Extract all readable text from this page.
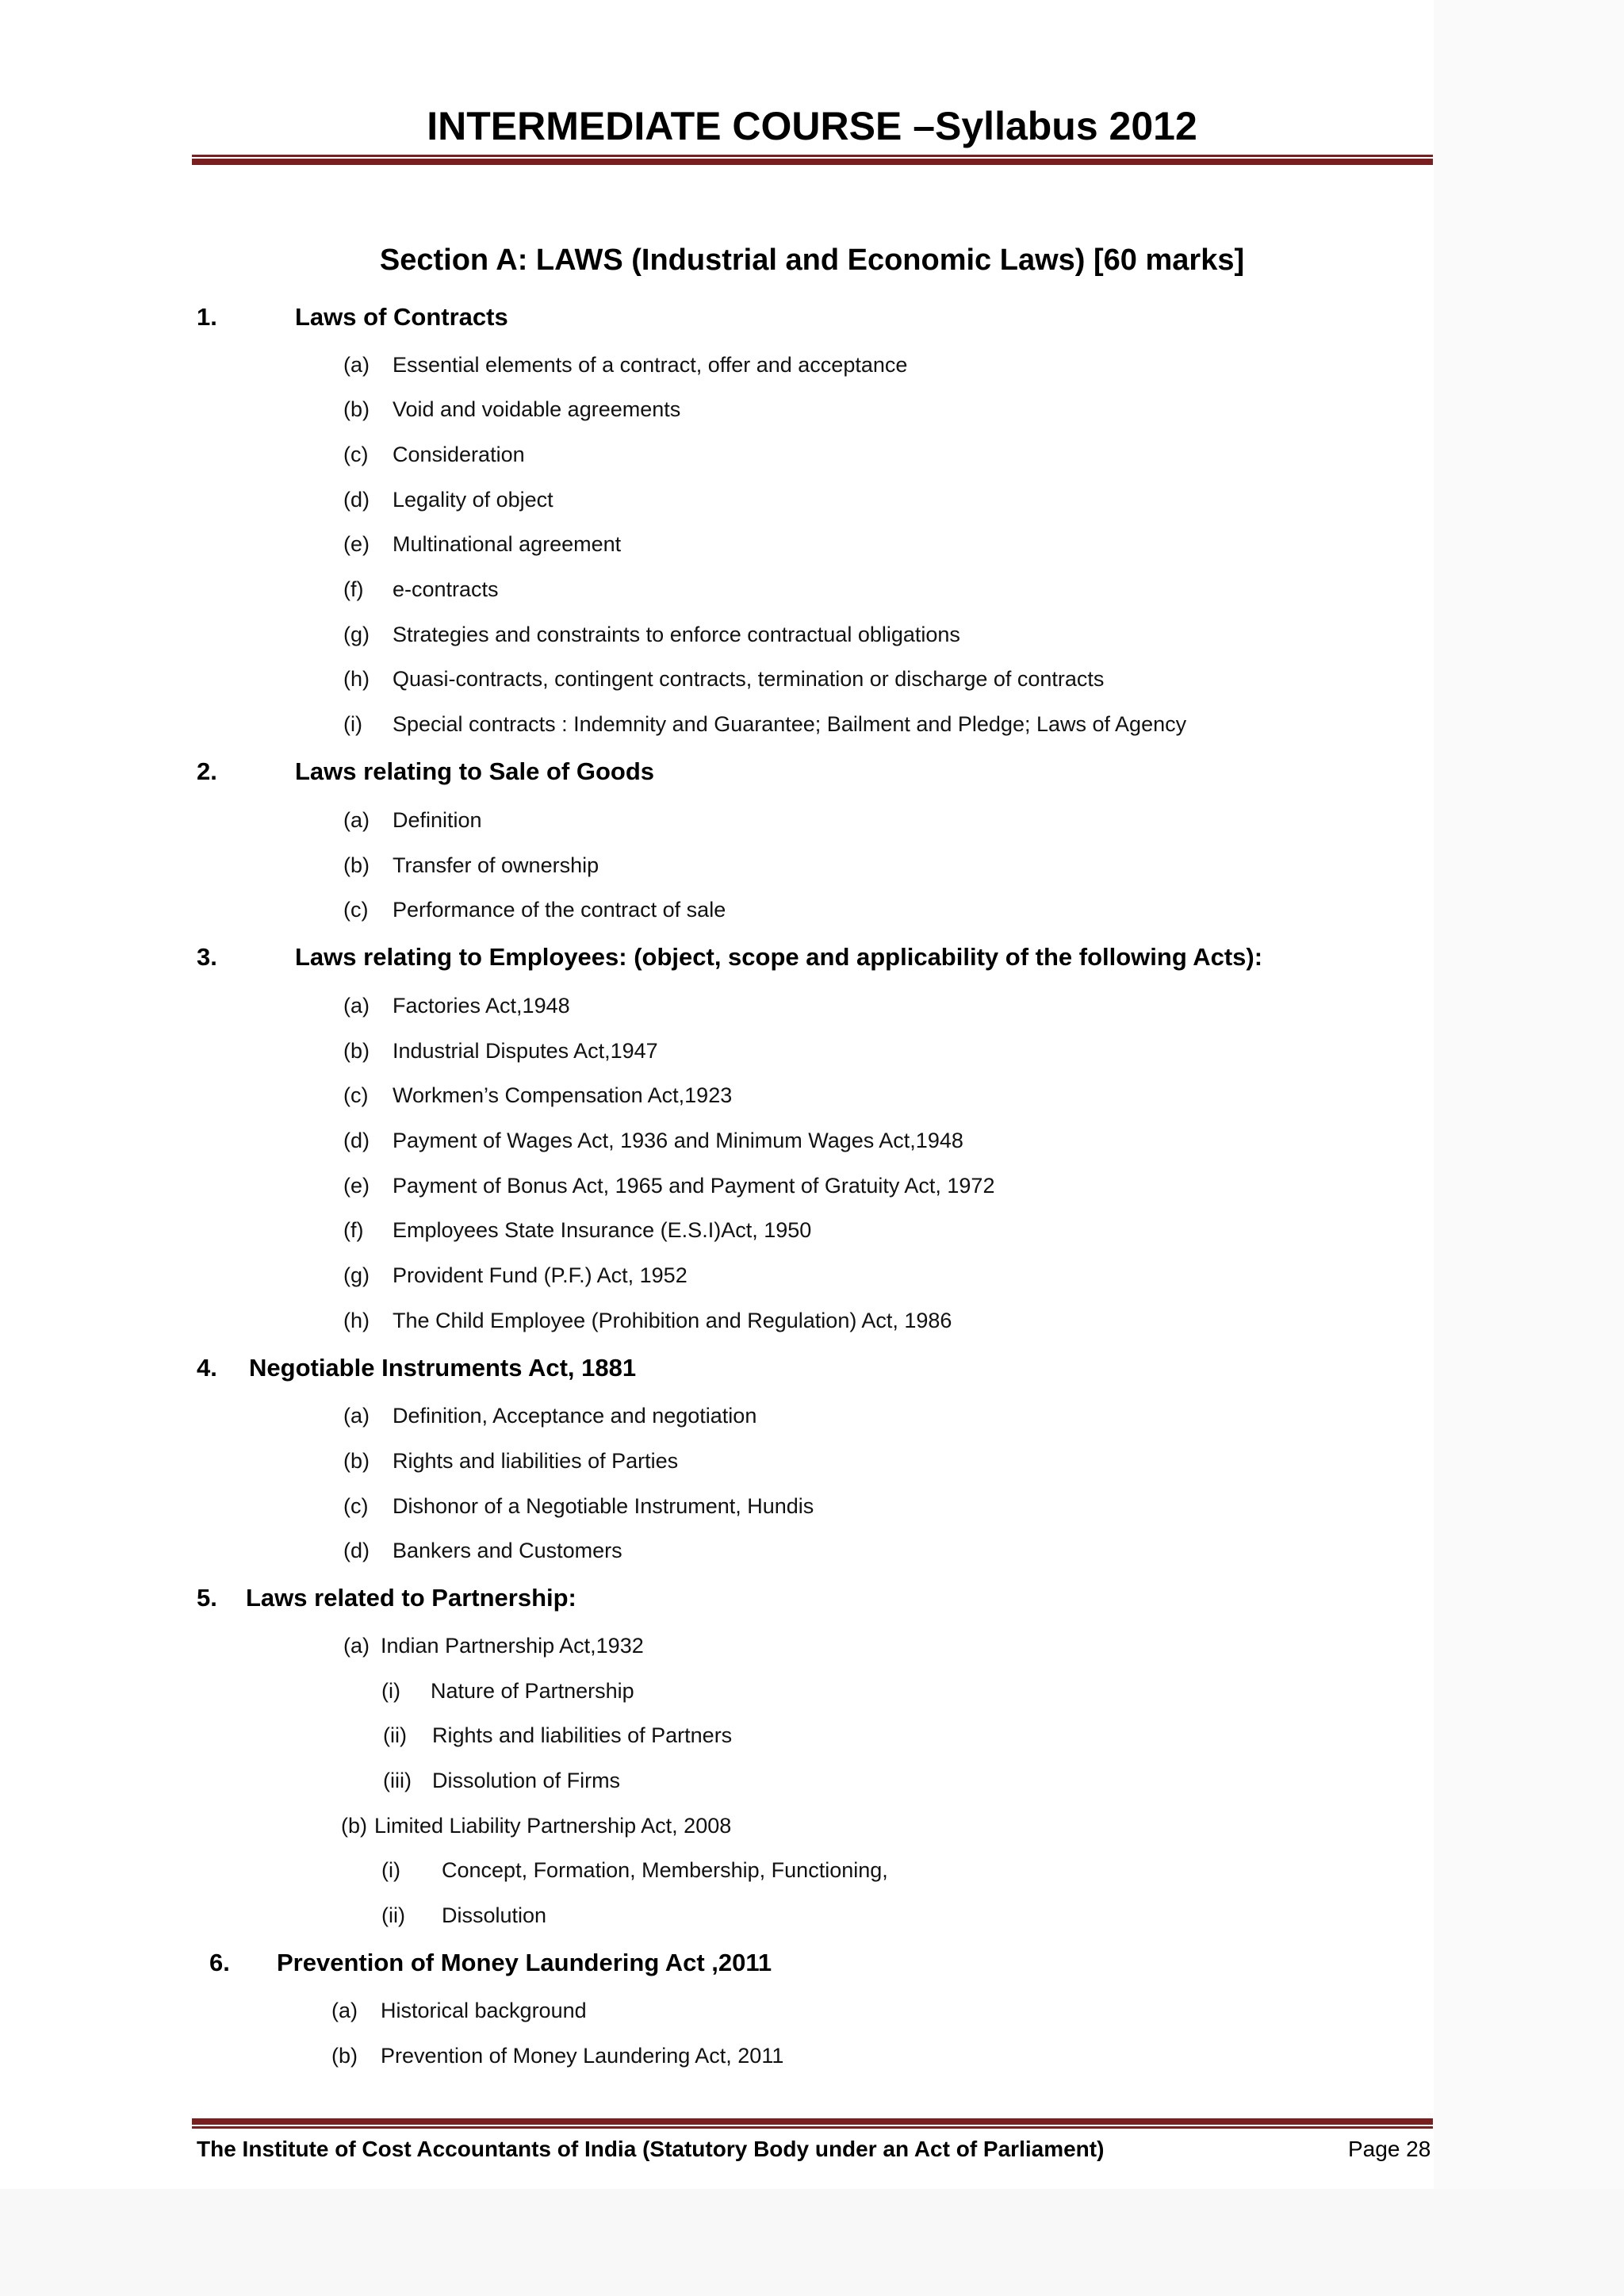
INTERMEDIATE COURSE –Syllabus 2012
Section A: LAWS (Industrial and Economic Laws) [60 marks]
1.	Laws of Contracts
(a) Essential elements of a contract, offer and acceptance
(b) Void and voidable agreements
(c) Consideration
(d) Legality of object
(e) Multinational agreement
(f) e-contracts
(g) Strategies and constraints to enforce contractual obligations
(h) Quasi-contracts, contingent contracts, termination or discharge of contracts
(i) Special contracts : Indemnity and Guarantee; Bailment and Pledge; Laws of Agency
2.	Laws relating to Sale of Goods
(a) Definition
(b) Transfer of ownership
(c) Performance of the contract of sale
3.	Laws relating to Employees: (object, scope and applicability of the following Acts):
(a) Factories Act,1948
(b) Industrial Disputes Act,1947
(c) Workmen’s Compensation Act,1923
(d) Payment of Wages Act, 1936 and Minimum Wages Act,1948
(e) Payment of Bonus Act, 1965 and Payment of Gratuity Act, 1972
(f) Employees State Insurance (E.S.I)Act, 1950
(g) Provident Fund (P.F.) Act, 1952
(h) The Child Employee (Prohibition and Regulation) Act, 1986
4. Negotiable Instruments Act, 1881
(a) Definition, Acceptance and negotiation
(b) Rights and liabilities of Parties
(c) Dishonor of a Negotiable Instrument, Hundis
(d) Bankers and Customers
5. Laws related to Partnership:
(a) Indian Partnership Act,1932
(i) Nature of Partnership
(ii) Rights and liabilities of Partners
(iii) Dissolution of Firms
(b) Limited Liability Partnership Act, 2008
(i) Concept, Formation, Membership, Functioning,
(ii) Dissolution
6. Prevention of Money Laundering Act ,2011
(a) Historical background
(b) Prevention of Money Laundering Act, 2011
The Institute of Cost Accountants of India (Statutory Body under an Act of Parliament)	Page 28
